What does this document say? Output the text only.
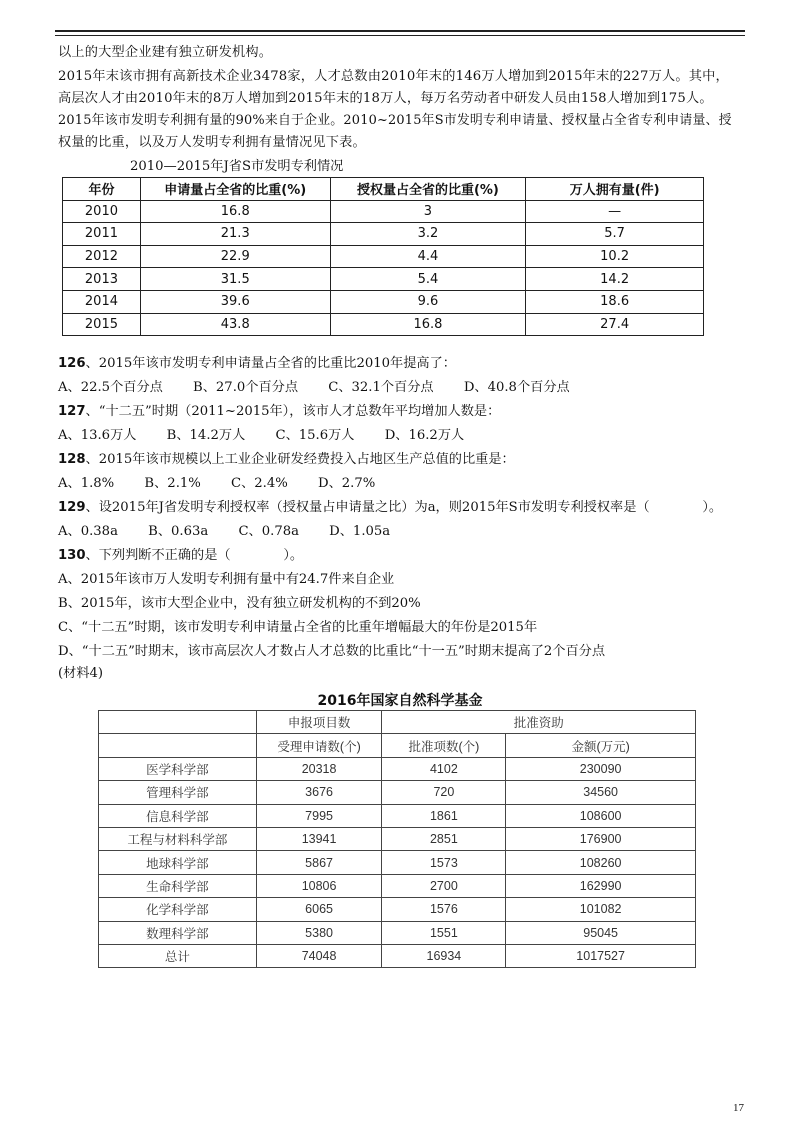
以上的大型企业建有独立研发机构。
2015年末该市拥有高新技术企业3478家，人才总数由2010年末的146万人增加到2015年末的227万人。其中，
高层次人才由2010年末的8万人增加到2015年末的18万人，每万名劳动者中研发人员由158人增加到175人。
2015年该市发明专利拥有量的90%来自于企业。2010~2015年S市发明专利申请量、授权量占全省专利申请量、授
权量的比重，以及万人发明专利拥有量情况见下表。
2010—2015年J省S市发明专利情况
年份	申请量占全省的比重(%)	授权量占全省的比重(%)	万人拥有量(件)
2010	16.8	3	—
2011	21.3	3.2	5.7
2012	22.9	4.4	10.2
2013	31.5	5.4	14.2
2014	39.6	9.6	18.6
2015	43.8	16.8	27.4
126、2015年该市发明专利申请量占全省的比重比2010年提高了：
A、22.5个百分点 B、27.0个百分点 C、32.1个百分点 D、40.8个百分点
127、“十二五”时期（2011~2015年），该市人才总数年平均增加人数是：
A、13.6万人 B、14.2万人 C、15.6万人 D、16.2万人
128、2015年该市规模以上工业企业研发经费投入占地区生产总值的比重是：
A、1.8% B、2.1% C、2.4% D、2.7%
129、设2015年J省发明专利授权率（授权量占申请量之比）为a，则2015年S市发明专利授权率是（　　　　）。
A、0.38a B、0.63a C、0.78a D、1.05a
130、下列判断不正确的是（　　　　）。
A、2015年该市万人发明专利拥有量中有24.7件来自企业
B、2015年，该市大型企业中，没有独立研发机构的不到20%
C、“十二五”时期，该市发明专利申请量占全省的比重年增幅最大的年份是2015年
D、“十二五”时期末，该市高层次人才数占人才总数的比重比“十一五”时期末提高了2个百分点
(材料4)
2016年国家自然科学基金
	申报项目数	批准资助	
	受理申请数(个)	批准项数(个)	金额(万元)
医学科学部	20318	4102	230090
管理科学部	3676	720	34560
信息科学部	7995	1861	108600
工程与材料科学部	13941	2851	176900
地球科学部	5867	1573	108260
生命科学部	10806	2700	162990
化学科学部	6065	1576	101082
数理科学部	5380	1551	95045
总计	74048	16934	1017527
17
